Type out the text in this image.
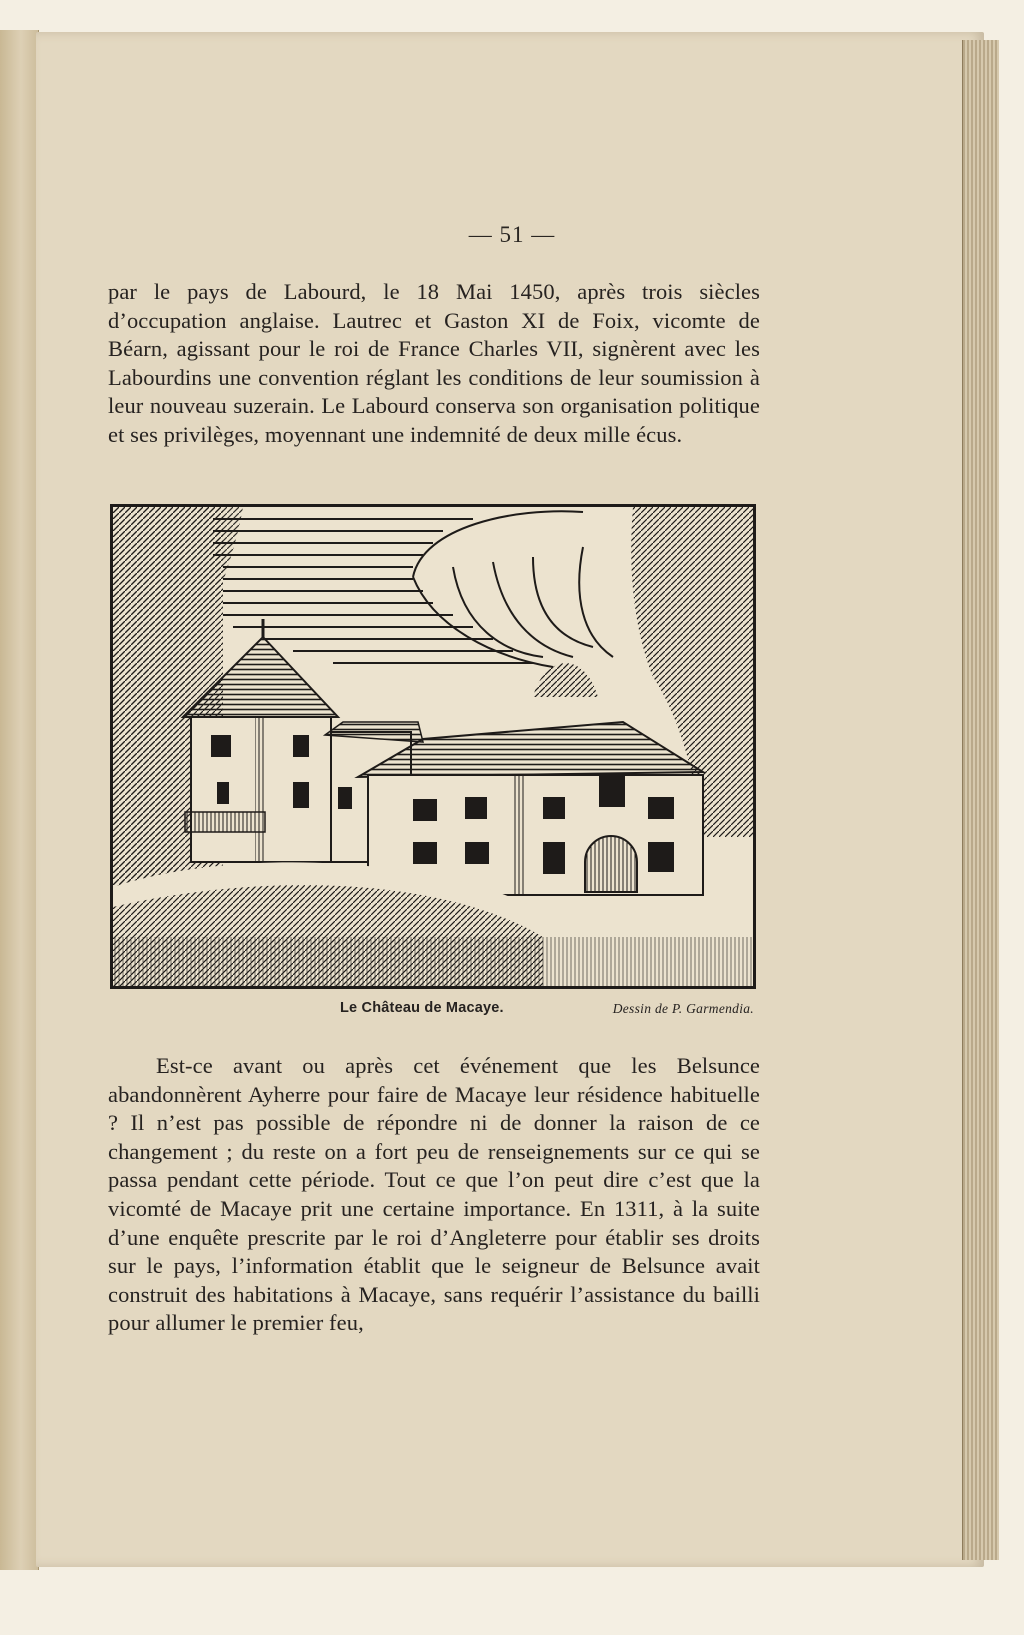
— 51 —
par le pays de Labourd, le 18 Mai 1450, après trois siècles d’occupation anglaise. Lautrec et Gaston XI de Foix, vicomte de Béarn, agissant pour le roi de France Charles VII, signèrent avec les Labourdins une convention réglant les conditions de leur soumission à leur nouveau suzerain. Le Labourd conserva son organisation politique et ses privilèges, moyennant une indemnité de deux mille écus.
Le Château de Macaye.	Dessin de P. Garmendia.
Est-ce avant ou après cet événement que les Belsunce abandonnèrent Ayherre pour faire de Macaye leur résidence habituelle ? Il n’est pas possible de répondre ni de donner la raison de ce changement ; du reste on a fort peu de renseignements sur ce qui se passa pendant cette période. Tout ce que l’on peut dire c’est que la vicomté de Macaye prit une certaine importance. En 1311, à la suite d’une enquête prescrite par le roi d’Angleterre pour établir ses droits sur le pays, l’information établit que le seigneur de Belsunce avait construit des habitations à Macaye, sans requérir l’assistance du bailli pour allumer le premier feu,
